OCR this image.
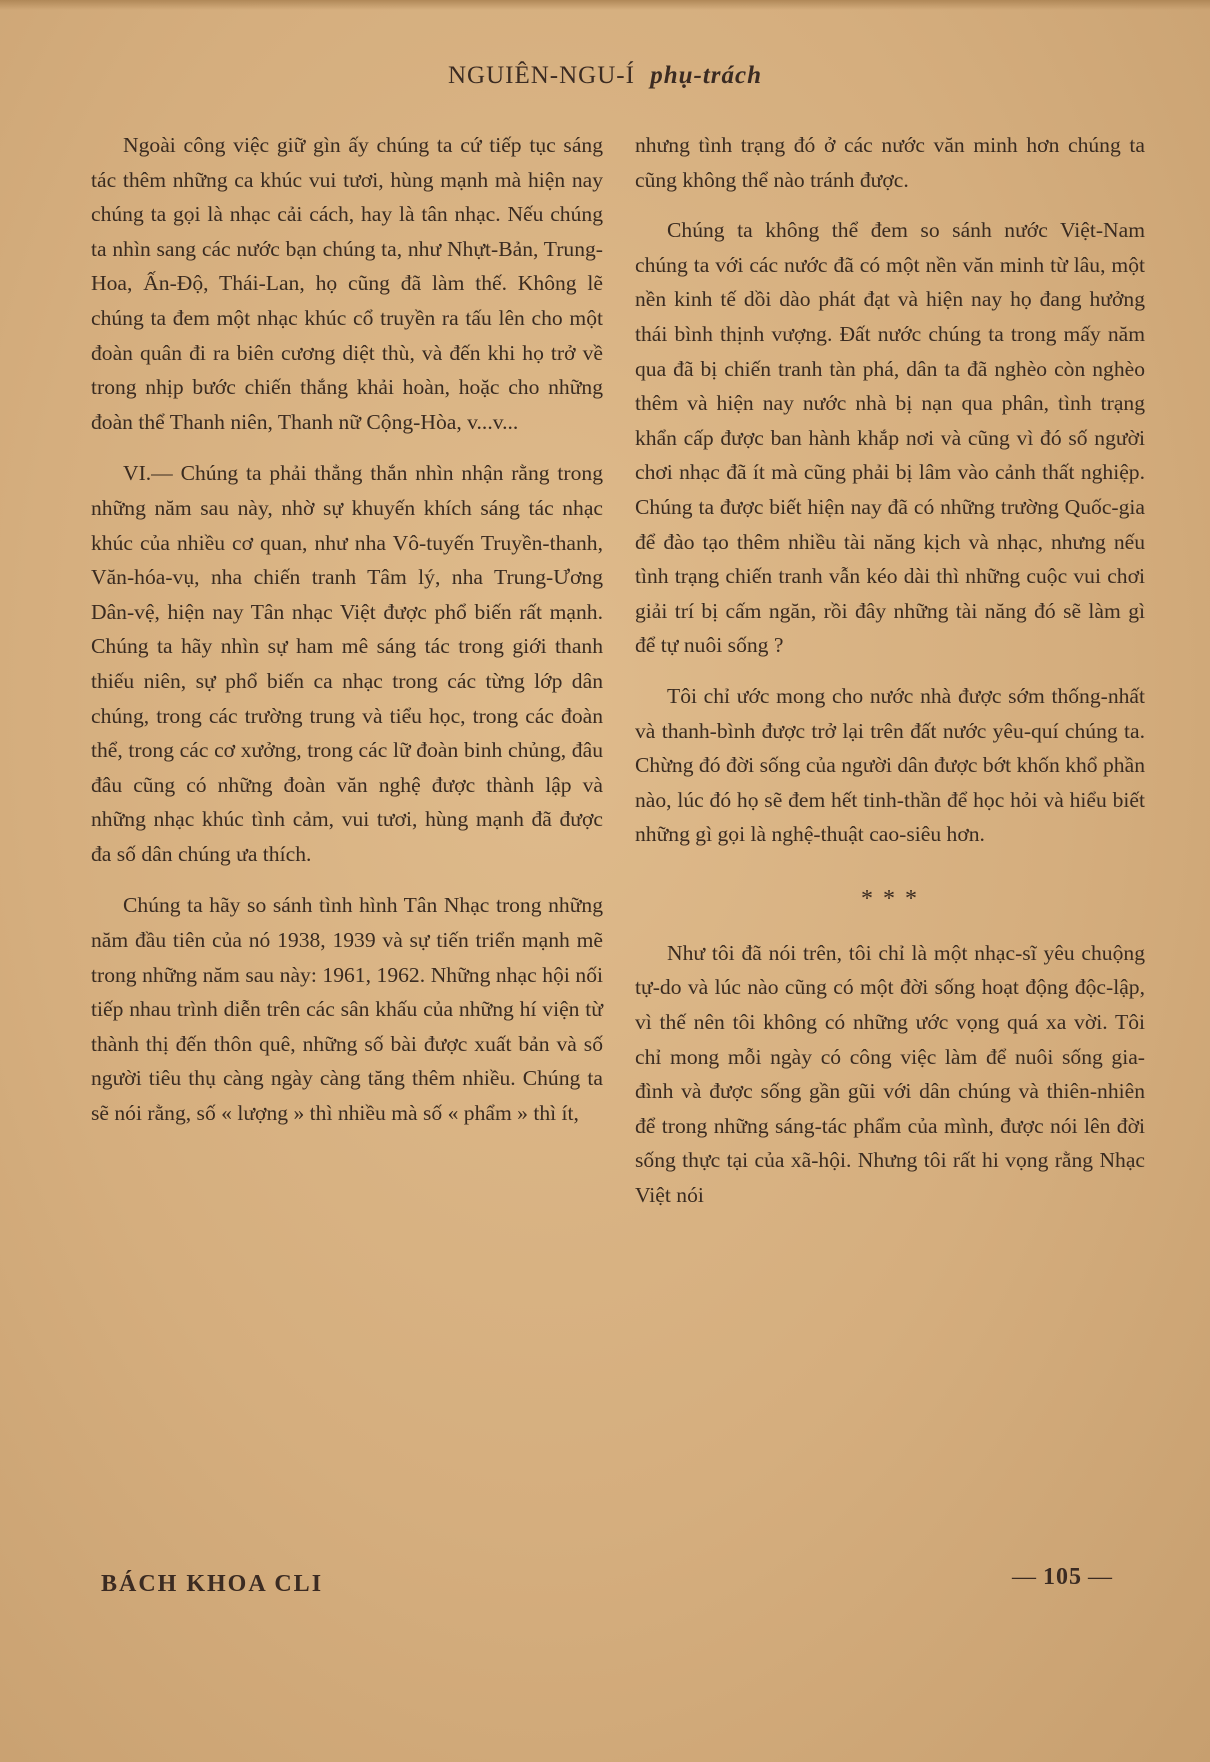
NGUIÊN-NGU-Í phụ-trách

Ngoài công việc giữ gìn ấy chúng ta cứ tiếp tục sáng tác thêm những ca khúc vui tươi, hùng mạnh mà hiện nay chúng ta gọi là nhạc cải cách, hay là tân nhạc. Nếu chúng ta nhìn sang các nước bạn chúng ta, như Nhựt-Bản, Trung-Hoa, Ấn-Độ, Thái-Lan, họ cũng đã làm thế. Không lẽ chúng ta đem một nhạc khúc cổ truyền ra tấu lên cho một đoàn quân đi ra biên cương diệt thù, và đến khi họ trở về trong nhịp bước chiến thắng khải hoàn, hoặc cho những đoàn thể Thanh niên, Thanh nữ Cộng-Hòa, v...v...

VI.— Chúng ta phải thẳng thắn nhìn nhận rằng trong những năm sau này, nhờ sự khuyến khích sáng tác nhạc khúc của nhiều cơ quan, như nha Vô-tuyến Truyền-thanh, Văn-hóa-vụ, nha chiến tranh Tâm lý, nha Trung-Ương Dân-vệ, hiện nay Tân nhạc Việt được phổ biến rất mạnh. Chúng ta hãy nhìn sự ham mê sáng tác trong giới thanh thiếu niên, sự phổ biến ca nhạc trong các từng lớp dân chúng, trong các trường trung và tiểu học, trong các đoàn thể, trong các cơ xưởng, trong các lữ đoàn binh chủng, đâu đâu cũng có những đoàn văn nghệ được thành lập và những nhạc khúc tình cảm, vui tươi, hùng mạnh đã được đa số dân chúng ưa thích.

Chúng ta hãy so sánh tình hình Tân Nhạc trong những năm đầu tiên của nó 1938, 1939 và sự tiến triển mạnh mẽ trong những năm sau này: 1961, 1962. Những nhạc hội nối tiếp nhau trình diễn trên các sân khấu của những hí viện từ thành thị đến thôn quê, những số bài được xuất bản và số người tiêu thụ càng ngày càng tăng thêm nhiều. Chúng ta sẽ nói rằng, số « lượng » thì nhiều mà số « phẩm » thì ít,

nhưng tình trạng đó ở các nước văn minh hơn chúng ta cũng không thể nào tránh được.

Chúng ta không thể đem so sánh nước Việt-Nam chúng ta với các nước đã có một nền văn minh từ lâu, một nền kinh tế dồi dào phát đạt và hiện nay họ đang hưởng thái bình thịnh vượng. Đất nước chúng ta trong mấy năm qua đã bị chiến tranh tàn phá, dân ta đã nghèo còn nghèo thêm và hiện nay nước nhà bị nạn qua phân, tình trạng khẩn cấp được ban hành khắp nơi và cũng vì đó số người chơi nhạc đã ít mà cũng phải bị lâm vào cảnh thất nghiệp. Chúng ta được biết hiện nay đã có những trường Quốc-gia để đào tạo thêm nhiều tài năng kịch và nhạc, nhưng nếu tình trạng chiến tranh vẫn kéo dài thì những cuộc vui chơi giải trí bị cấm ngăn, rồi đây những tài năng đó sẽ làm gì để tự nuôi sống ?

Tôi chỉ ước mong cho nước nhà được sớm thống-nhất và thanh-bình được trở lại trên đất nước yêu-quí chúng ta. Chừng đó đời sống của người dân được bớt khốn khổ phần nào, lúc đó họ sẽ đem hết tinh-thần để học hỏi và hiểu biết những gì gọi là nghệ-thuật cao-siêu hơn.

* * *

Như tôi đã nói trên, tôi chỉ là một nhạc-sĩ yêu chuộng tự-do và lúc nào cũng có một đời sống hoạt động độc-lập, vì thế nên tôi không có những ước vọng quá xa vời. Tôi chỉ mong mỗi ngày có công việc làm để nuôi sống gia-đình và được sống gần gũi với dân chúng và thiên-nhiên để trong những sáng-tác phẩm của mình, được nói lên đời sống thực tại của xã-hội. Nhưng tôi rất hi vọng rằng Nhạc Việt nói

BÁCH KHOA CLI	— 105 —
